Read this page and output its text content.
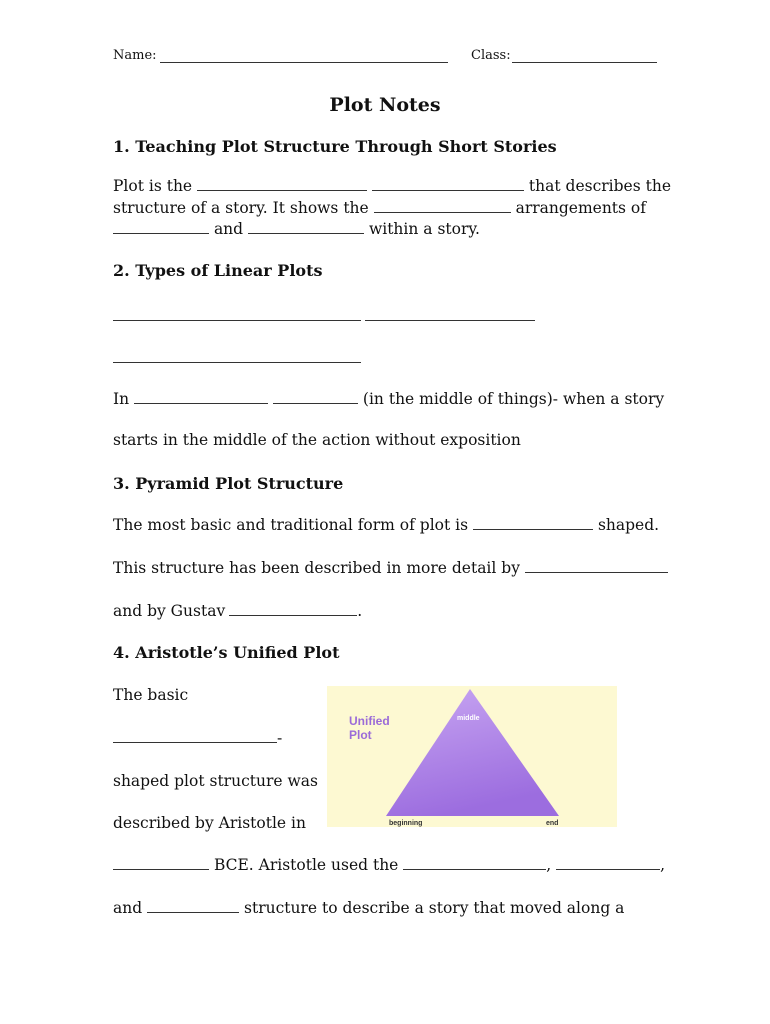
Name:	Class:
Plot Notes
1. Teaching Plot Structure Through Short Stories
Plot is the	that describes the
structure of a story. It shows the	arrangements of
and	within a story.
2. Types of Linear Plots
In	(in the middle of things)- when a story
starts in the middle of the action without exposition
3. Pyramid Plot Structure
The most basic and traditional form of plot is	shaped.
This structure has been described in more detail by
and by Gustav	.
4. Aristotle’s Unified Plot
The basic
-
shaped plot structure was
described by Aristotle in
BCE. Aristotle used the	,	,
and	structure to describe a story that moved along a
Unified
Plot
middle
beginning	end
